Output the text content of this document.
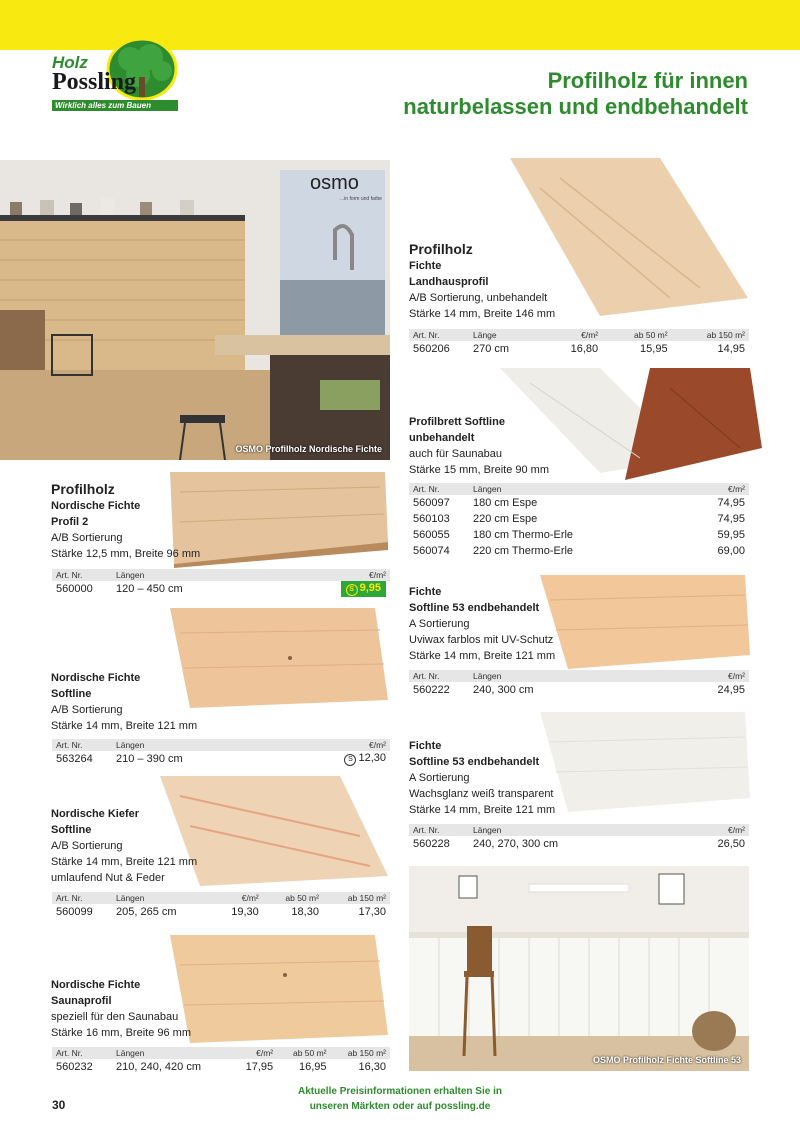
Holz
Possling
Wirklich alles zum Bauen
Profilholz für innen
naturbelassen und endbehandelt
osmo
...in form und farbe
OSMO Profilholz Nordische Fichte
OSMO Profilholz Fichte Softline 53
Profilholz
Nordische Fichte
Profil 2
A/B Sortierung
Stärke 12,5 mm, Breite 96 mm
Art. Nr.	Längen	€/m²
560000	120 – 450 cm	S 9,95
Nordische Fichte
Softline
A/B Sortierung
Stärke 14 mm, Breite 121 mm
Art. Nr.	Längen	€/m²
563264	210 – 390 cm	S 12,30
Nordische Kiefer
Softline
A/B Sortierung
Stärke 14 mm, Breite 121 mm
umlaufend Nut & Feder
Art. Nr.	Längen	€/m²	ab 50 m²	ab 150 m²
560099	205, 265 cm	19,30	18,30	17,30
Nordische Fichte
Saunaprofil
speziell für den Saunabau
Stärke 16 mm, Breite 96 mm
Art. Nr.	Längen	€/m²	ab 50 m²	ab 150 m²
560232	210, 240, 420 cm	17,95	16,95	16,30
Profilholz
Fichte
Landhausprofil
A/B Sortierung, unbehandelt
Stärke 14 mm, Breite 146 mm
Art. Nr.	Länge	€/m²	ab 50 m²	ab 150 m²
560206	270 cm	16,80	15,95	14,95
Profilbrett Softline
unbehandelt
auch für Saunabau
Stärke 15 mm, Breite 90 mm
Art. Nr.	Längen	€/m²
560097	180 cm Espe	74,95
560103	220 cm Espe	74,95
560055	180 cm Thermo-Erle	59,95
560074	220 cm Thermo-Erle	69,00
Fichte
Softline 53 endbehandelt
A Sortierung
Uviwax farblos mit UV-Schutz
Stärke 14 mm, Breite 121 mm
Art. Nr.	Längen	€/m²
560222	240, 300 cm	24,95
Fichte
Softline 53 endbehandelt
A Sortierung
Wachsglanz weiß transparent
Stärke 14 mm, Breite 121 mm
Art. Nr.	Längen	€/m²
560228	240, 270, 300 cm	26,50
Aktuelle Preisinformationen erhalten Sie in
unseren Märkten oder auf possling.de
30
